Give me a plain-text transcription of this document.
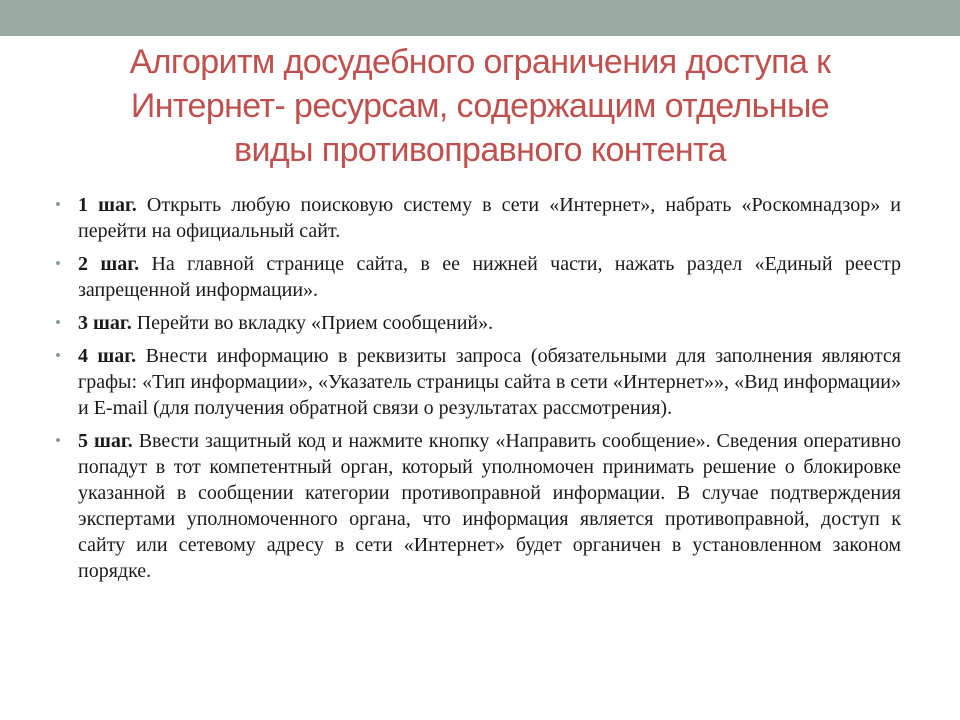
Алгоритм досудебного ограничения доступа к
Интернет- ресурсам, содержащим отдельные
виды противоправного контента
• 1 шаг. Открыть любую поисковую систему в сети «Интернет», набрать «Роскомнадзор» и перейти на официальный сайт.
• 2 шаг. На главной странице сайта, в ее нижней части, нажать раздел «Единый реестр запрещенной информации».
• 3 шаг. Перейти во вкладку «Прием сообщений».
• 4 шаг. Внести информацию в реквизиты запроса (обязательными для заполнения являются графы: «Тип информации», «Указатель страницы сайта в сети «Интернет»», «Вид информации» и E-mail (для получения обратной связи о результатах рассмотрения).
• 5 шаг. Ввести защитный код и нажмите кнопку «Направить сообщение». Сведения оперативно попадут в тот компетентный орган, который уполномочен принимать решение о блокировке указанной в сообщении категории противоправной информации. В случае подтверждения экспертами уполномоченного органа, что информация является противоправной, доступ к сайту или сетевому адресу в сети «Интернет» будет органичен в установленном законом порядке.
